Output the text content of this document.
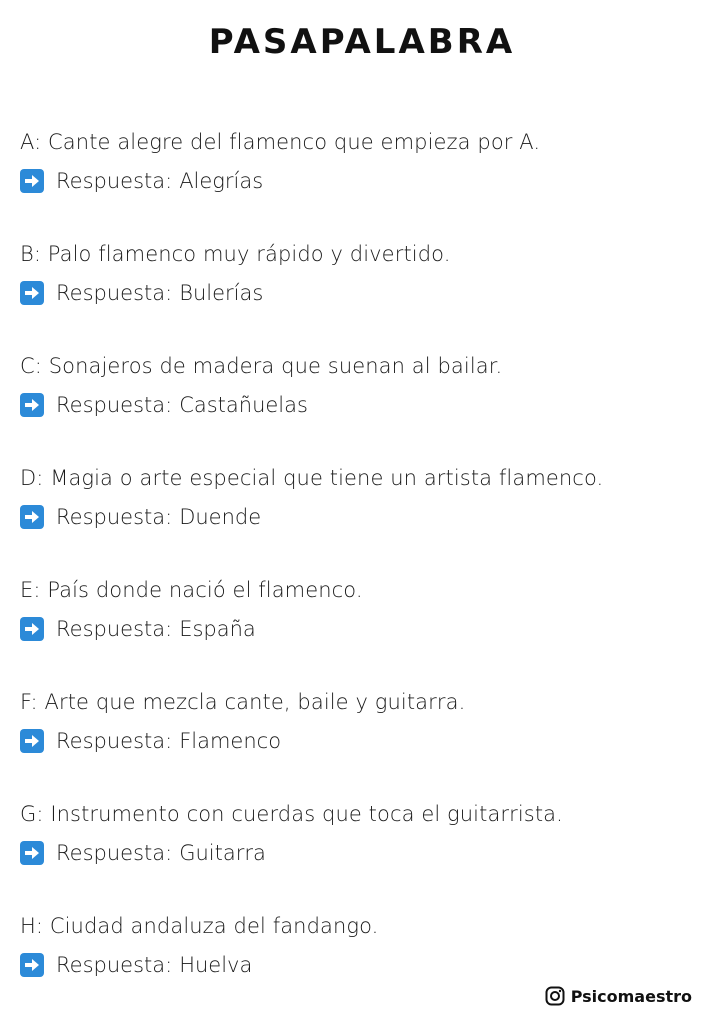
PASAPALABRA
A: Cante alegre del flamenco que empieza por A.
Respuesta: Alegrías
B: Palo flamenco muy rápido y divertido.
Respuesta: Bulerías
C: Sonajeros de madera que suenan al bailar.
Respuesta: Castañuelas
D: Magia o arte especial que tiene un artista flamenco.
Respuesta: Duende
E: País donde nació el flamenco.
Respuesta: España
F: Arte que mezcla cante, baile y guitarra.
Respuesta: Flamenco
G: Instrumento con cuerdas que toca el guitarrista.
Respuesta: Guitarra
H: Ciudad andaluza del fandango.
Respuesta: Huelva
Psicomaestro
